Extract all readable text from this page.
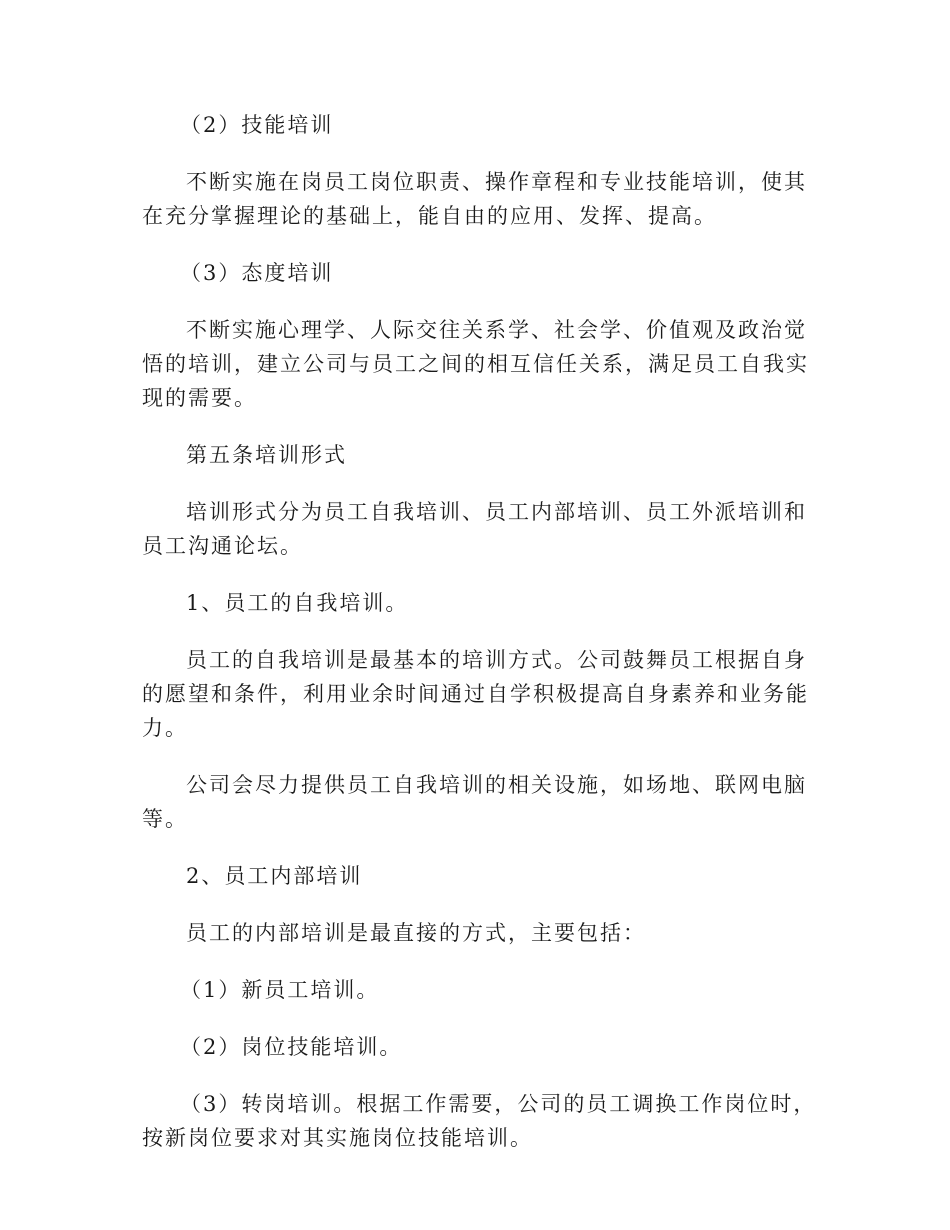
（2）技能培训

不断实施在岗员工岗位职责、操作章程和专业技能培训，使其在充分掌握理论的基础上，能自由的应用、发挥、提高。

（3）态度培训

不断实施心理学、人际交往关系学、社会学、价值观及政治觉悟的培训，建立公司与员工之间的相互信任关系，满足员工自我实现的需要。

第五条培训形式

培训形式分为员工自我培训、员工内部培训、员工外派培训和员工沟通论坛。

1、员工的自我培训。

员工的自我培训是最基本的培训方式。公司鼓舞员工根据自身的愿望和条件，利用业余时间通过自学积极提高自身素养和业务能力。

公司会尽力提供员工自我培训的相关设施，如场地、联网电脑等。

2、员工内部培训

员工的内部培训是最直接的方式，主要包括：

（1）新员工培训。

（2）岗位技能培训。

（3）转岗培训。根据工作需要，公司的员工调换工作岗位时，按新岗位要求对其实施岗位技能培训。
